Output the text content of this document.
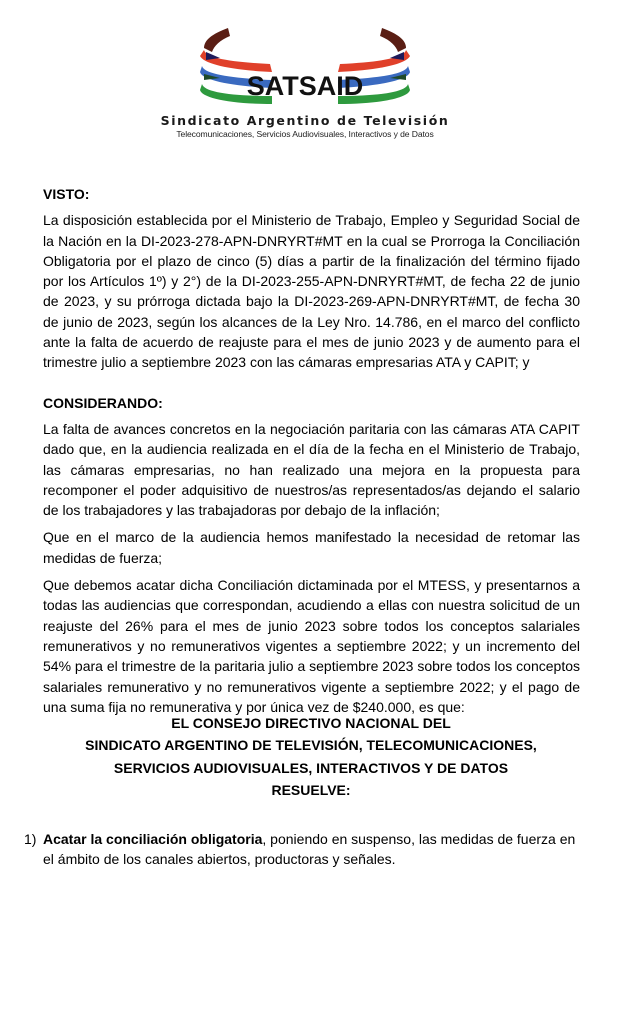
SATSAID
Sindicato Argentino de Televisión
Telecomunicaciones, Servicios Audiovisuales, Interactivos y de Datos
VISTO:

La disposición establecida por el Ministerio de Trabajo, Empleo y Seguridad Social de la Nación en la DI-2023-278-APN-DNRYRT#MT en la cual se Prorroga la Conciliación Obligatoria por el plazo de cinco (5) días a partir de la finalización del término fijado por los Artículos 1º) y 2°) de la DI-2023-255-APN-DNRYRT#MT, de fecha 22 de junio de 2023, y su prórroga dictada bajo la DI-2023-269-APN-DNRYRT#MT, de fecha 30 de junio de 2023, según los alcances de la Ley Nro. 14.786, en el marco del conflicto ante la falta de acuerdo de reajuste para el mes de junio 2023 y de aumento para el trimestre julio a septiembre 2023 con las cámaras empresarias ATA y CAPIT; y

CONSIDERANDO:

La falta de avances concretos en la negociación paritaria con las cámaras ATA CAPIT dado que, en la audiencia realizada en el día de la fecha en el Ministerio de Trabajo, las cámaras empresarias, no han realizado una mejora en la propuesta para recomponer el poder adquisitivo de nuestros/as representados/as dejando el salario de los trabajadores y las trabajadoras por debajo de la inflación;

Que en el marco de la audiencia hemos manifestado la necesidad de retomar las medidas de fuerza;

Que debemos acatar dicha Conciliación dictaminada por el MTESS, y presentarnos a todas las audiencias que correspondan, acudiendo a ellas con nuestra solicitud de un reajuste del 26% para el mes de junio 2023 sobre todos los conceptos salariales remunerativos y no remunerativos vigentes a septiembre 2022; y un incremento del 54% para el trimestre de la paritaria julio a septiembre 2023 sobre todos los conceptos salariales remunerativo y no remunerativos vigente a septiembre 2022; y el pago de una suma fija no remunerativa y por única vez de $240.000, es que:

EL CONSEJO DIRECTIVO NACIONAL DEL
SINDICATO ARGENTINO DE TELEVISIÓN, TELECOMUNICACIONES,
SERVICIOS AUDIOVISUALES, INTERACTIVOS Y DE DATOS
RESUELVE:
1) Acatar la conciliación obligatoria, poniendo en suspenso, las medidas de fuerza en el ámbito de los canales abiertos, productoras y señales.
